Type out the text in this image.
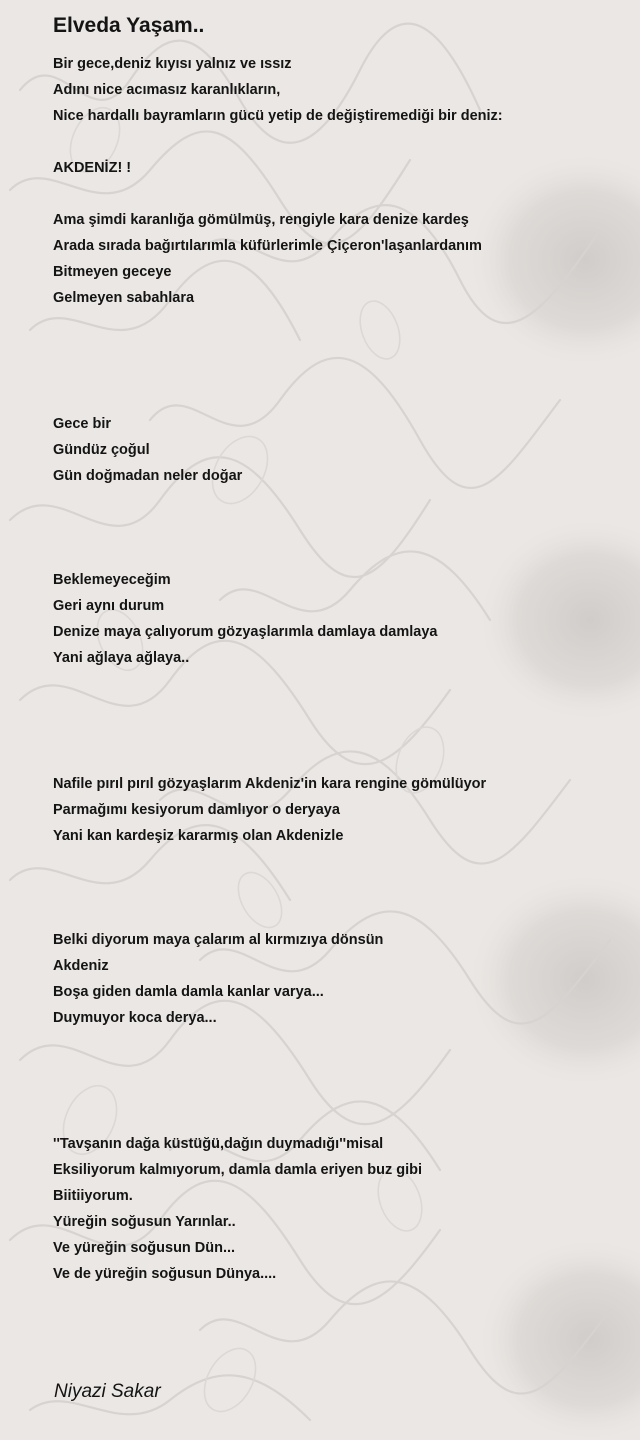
Elveda Yaşam..
Bir gece,deniz kıyısı yalnız ve ıssız
Adını nice acımasız karanlıkların,
Nice hardallı bayramların gücü yetip de değiştiremediği bir deniz:
AKDENİZ! !
Ama şimdi karanlığa gömülmüş, rengiyle kara denize kardeş
Arada sırada bağırtılarımla küfürlerimle Çiçeron'laşanlardanım
Bitmeyen geceye
Gelmeyen sabahlara
Gece bir
Gündüz çoğul
Gün doğmadan neler doğar
Beklemeyeceğim
Geri aynı durum
Denize maya çalıyorum gözyaşlarımla damlaya damlaya
Yani ağlaya ağlaya..
Nafile pırıl pırıl gözyaşlarım Akdeniz'in kara rengine gömülüyor
Parmağımı kesiyorum damlıyor o deryaya
Yani kan kardeşiz kararmış olan Akdenizle
Belki diyorum maya çalarım al kırmızıya dönsün
Akdeniz
Boşa giden damla damla kanlar varya...
Duymuyor koca derya...
''Tavşanın dağa küstüğü,dağın duymadığı''misal
Eksiliyorum kalmıyorum, damla damla eriyen buz gibi
Biitiiyorum.
Yüreğin soğusun Yarınlar..
Ve yüreğin soğusun Dün...
Ve de yüreğin soğusun Dünya....
Niyazi Sakar
